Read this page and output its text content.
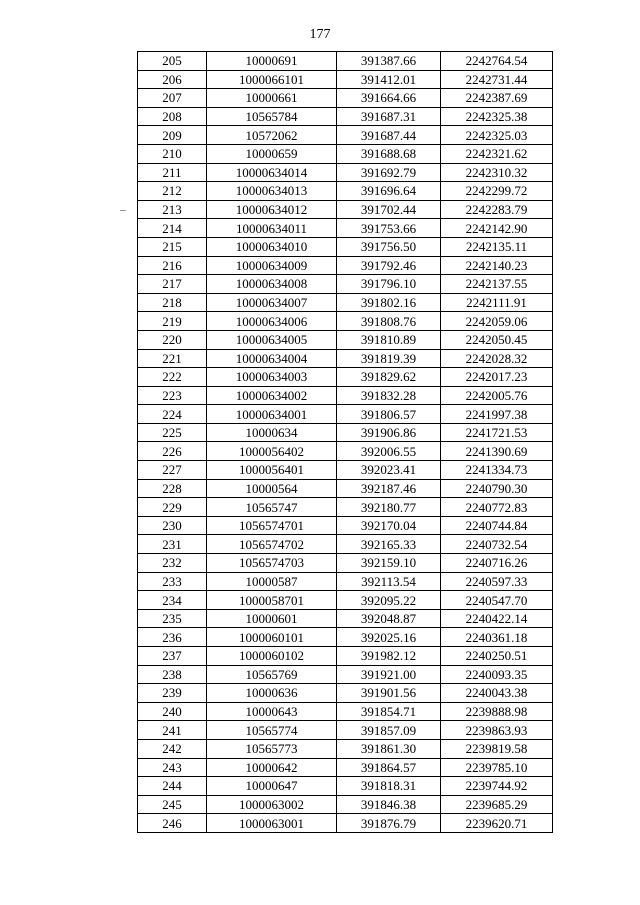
177
205	10000691	391387.66	2242764.54
206	1000066101	391412.01	2242731.44
207	10000661	391664.66	2242387.69
208	10565784	391687.31	2242325.38
209	10572062	391687.44	2242325.03
210	10000659	391688.68	2242321.62
211	10000634014	391692.79	2242310.32
212	10000634013	391696.64	2242299.72
213	10000634012	391702.44	2242283.79
214	10000634011	391753.66	2242142.90
215	10000634010	391756.50	2242135.11
216	10000634009	391792.46	2242140.23
217	10000634008	391796.10	2242137.55
218	10000634007	391802.16	2242111.91
219	10000634006	391808.76	2242059.06
220	10000634005	391810.89	2242050.45
221	10000634004	391819.39	2242028.32
222	10000634003	391829.62	2242017.23
223	10000634002	391832.28	2242005.76
224	10000634001	391806.57	2241997.38
225	10000634	391906.86	2241721.53
226	1000056402	392006.55	2241390.69
227	1000056401	392023.41	2241334.73
228	10000564	392187.46	2240790.30
229	10565747	392180.77	2240772.83
230	1056574701	392170.04	2240744.84
231	1056574702	392165.33	2240732.54
232	1056574703	392159.10	2240716.26
233	10000587	392113.54	2240597.33
234	1000058701	392095.22	2240547.70
235	10000601	392048.87	2240422.14
236	1000060101	392025.16	2240361.18
237	1000060102	391982.12	2240250.51
238	10565769	391921.00	2240093.35
239	10000636	391901.56	2240043.38
240	10000643	391854.71	2239888.98
241	10565774	391857.09	2239863.93
242	10565773	391861.30	2239819.58
243	10000642	391864.57	2239785.10
244	10000647	391818.31	2239744.92
245	1000063002	391846.38	2239685.29
246	1000063001	391876.79	2239620.71
